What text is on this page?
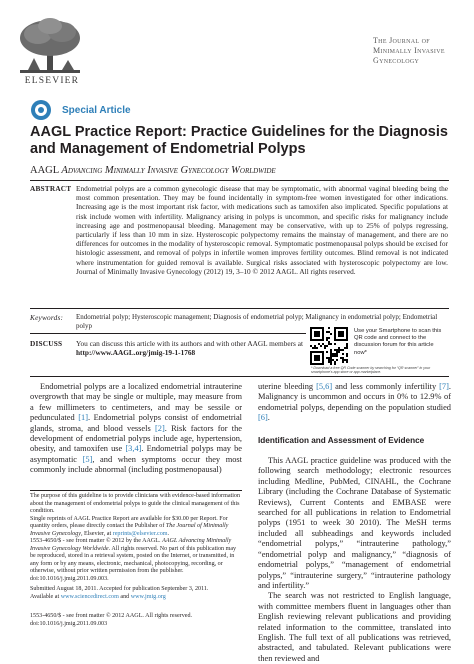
ELSEVIER
The Journal of
Minimally Invasive
Gynecology
Special Article
AAGL Practice Report: Practice Guidelines for the Diagnosis and Management of Endometrial Polyps
AAGL Advancing Minimally Invasive Gynecology Worldwide
ABSTRACT Endometrial polyps are a common gynecologic disease that may be symptomatic, with abnormal vaginal bleeding being the most common presentation. They may be found incidentally in symptom-free women investigated for other indications. Increasing age is the most important risk factor, with medications such as tamoxifen also implicated. Specific populations at risk include women with infertility. Malignancy arising in polyps is uncommon, and specific risks for malignancy include increasing age and postmenopausal bleeding. Management may be conservative, with up to 25% of polyps regressing, particularly if less than 10 mm in size. Hysteroscopic polypectomy remains the mainstay of management, and there are no differences for outcomes in the modality of hysteroscopic removal. Symptomatic postmenopausal polyps should be excised for histologic assessment, and removal of polyps in infertile women improves fertility outcomes. Blind removal is not indicated where instrumentation for guided removal is available. Surgical risks associated with hysteroscopic polypectomy are low. Journal of Minimally Invasive Gynecology (2012) 19, 3–10 © 2012 AAGL. All rights reserved.
Keywords: Endometrial polyp; Hysteroscopic management; Diagnosis of endometrial polyp; Malignancy in endometrial polyp; Endometrial polyp
DISCUSS You can discuss this article with its authors and with other AAGL members at http://www.AAGL.org/jmig-19-1-1768
Use your Smartphone to scan this QR code and connect to the discussion forum for this article now*
* Download a free QR Code scanner by searching for “QR scanner” in your smartphone’s app store or app marketplace.

Endometrial polyps are a localized endometrial intrauterine overgrowth that may be single or multiple, may measure from a few millimeters to centimeters, and may be sessile or pedunculated [1]. Endometrial polyps consist of endometrial glands, stroma, and blood vessels [2]. Risk factors for the development of endometrial polyps include age, hypertension, obesity, and tamoxifen use [3,4]. Endometrial polyps may be asymptomatic [5], and when symptoms occur they most commonly include abnormal (including postmenopausal)

The purpose of this guideline is to provide clinicians with evidence-based information about the management of endometrial polyps to guide the clinical management of this condition.

Single reprints of AAGL Practice Report are available for $30.00 per Report. For quantity orders, please directly contact the Publisher of The Journal of Minimally Invasive Gynecology, Elsevier, at reprints@elsevier.com.

1553-4650/$ - see front matter © 2012 by the AAGL. AAGL Advancing Minimally Invasive Gynecology Worldwide. All rights reserved. No part of this publication may be reproduced, stored in a retrieval system, posted on the Internet, or transmitted, in any form or by any means, electronic, mechanical, photocopying, recording, or otherwise, without prior written permission from the publisher. doi:10.1016/j.jmig.2011.09.003.

Submitted August 18, 2011. Accepted for publication September 3, 2011.

Available at www.sciencedirect.com and www.jmig.org

1553-4650/$ - see front matter © 2012 AAGL. All rights reserved.
doi:10.1016/j.jmig.2011.09.003

uterine bleeding [5,6] and less commonly infertility [7]. Malignancy is uncommon and occurs in 0% to 12.9% of endometrial polyps, depending on the population studied [6].

Identification and Assessment of Evidence

This AAGL practice guideline was produced with the following search methodology; electronic resources including Medline, PubMed, CINAHL, the Cochrane Library (including the Cochrane Database of Systematic Reviews), Current Contents and EMBASE were searched for all publications in relation to Endometrial polyps (1951 to week 30 2010). The MeSH terms included all subheadings and keywords included “endometrial polyps,” “intrauterine pathology,” “endometrial polyp and malignancy,” “diagnosis of endometrial polyps,” “management of endometrial polyps,” “intrauterine surgery,” “intrauterine pathology and infertility.”

The search was not restricted to English language, with committee members fluent in languages other than English reviewing relevant publications and providing related information to the committee, translated into English. The full text of all publications was retrieved, abstracted, and tabulated. Relevant publications were then reviewed and
